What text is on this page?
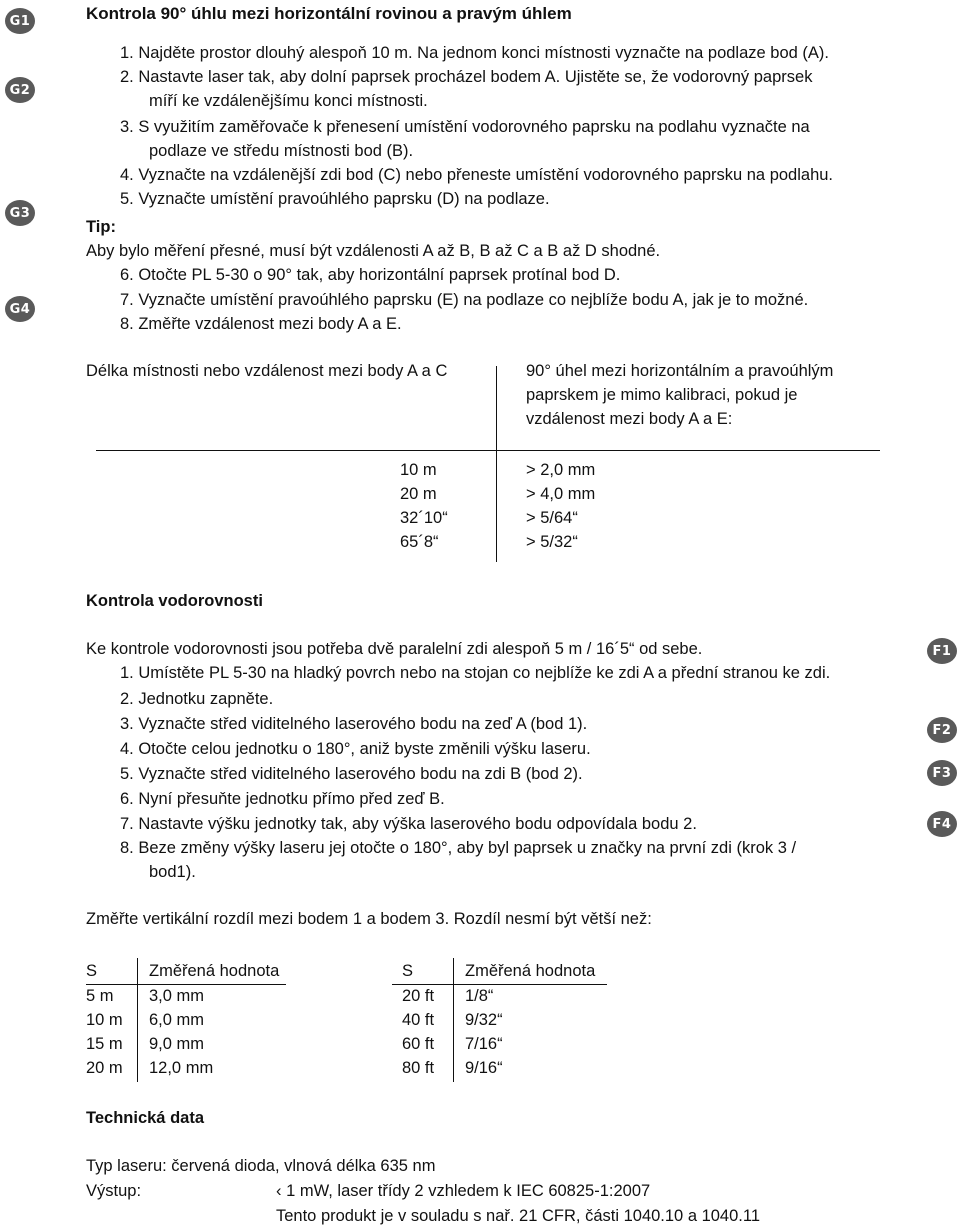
G1
G2
G3
G4
F1
F2
F3
F4
Kontrola 90° úhlu mezi horizontální rovinou a pravým úhlem
1. Najděte prostor dlouhý alespoň 10 m. Na jednom konci místnosti vyznačte na podlaze bod (A).
2. Nastavte laser tak, aby dolní paprsek procházel bodem A. Ujistěte se, že vodorovný paprsek
míří ke vzdálenějšímu konci místnosti.
3. S využitím zaměřovače k přenesení umístění vodorovného paprsku na podlahu vyznačte na
podlaze ve středu místnosti bod (B).
4. Vyznačte na vzdálenější zdi bod (C) nebo přeneste umístění vodorovného paprsku na podlahu.
5. Vyznačte umístění pravoúhlého paprsku (D) na podlaze.
Tip:
Aby bylo měření přesné, musí být vzdálenosti A až B, B až C a B až D shodné.
6. Otočte PL 5-30 o 90° tak, aby horizontální paprsek protínal bod D.
7. Vyznačte umístění pravoúhlého paprsku (E) na podlaze co nejblíže bodu A, jak je to možné.
8. Změřte vzdálenost mezi body A a E.
Délka místnosti nebo vzdálenost mezi body A a C	90° úhel mezi horizontálním a pravoúhlým
paprskem je mimo kalibraci, pokud je
vzdálenost mezi body A a E:
10 m	> 2,0 mm
20 m	> 4,0 mm
32´10“	> 5/64“
65´8“	> 5/32“
Kontrola vodorovnosti
Ke kontrole vodorovnosti jsou potřeba dvě paralelní zdi alespoň 5 m / 16´5“ od sebe.
1. Umístěte PL 5-30 na hladký povrch nebo na stojan co nejblíže ke zdi A a přední stranou ke zdi.
2. Jednotku zapněte.
3. Vyznačte střed viditelného laserového bodu na zeď A (bod 1).
4. Otočte celou jednotku o 180°, aniž byste změnili výšku laseru.
5. Vyznačte střed viditelného laserového bodu na zdi B (bod 2).
6. Nyní přesuňte jednotku přímo před zeď B.
7. Nastavte výšku jednotky tak, aby výška laserového bodu odpovídala bodu 2.
8. Beze změny výšky laseru jej otočte o 180°, aby byl paprsek u značky na první zdi (krok 3 /
bod1).
Změřte vertikální rozdíl mezi bodem 1 a bodem 3. Rozdíl nesmí být větší než:
S	Změřená hodnota
5 m 3,0 mm
10 m 6,0 mm
15 m 9,0 mm
20 m 12,0 mm
S	Změřená hodnota
20 ft 1/8“
40 ft 9/32“
60 ft 7/16“
80 ft 9/16“
Technická data
Typ laseru: červená dioda, vlnová délka 635 nm
Výstup:	‹ 1 mW, laser třídy 2 vzhledem k IEC 60825-1:2007
Tento produkt je v souladu s nař. 21 CFR, části 1040.10 a 1040.11
